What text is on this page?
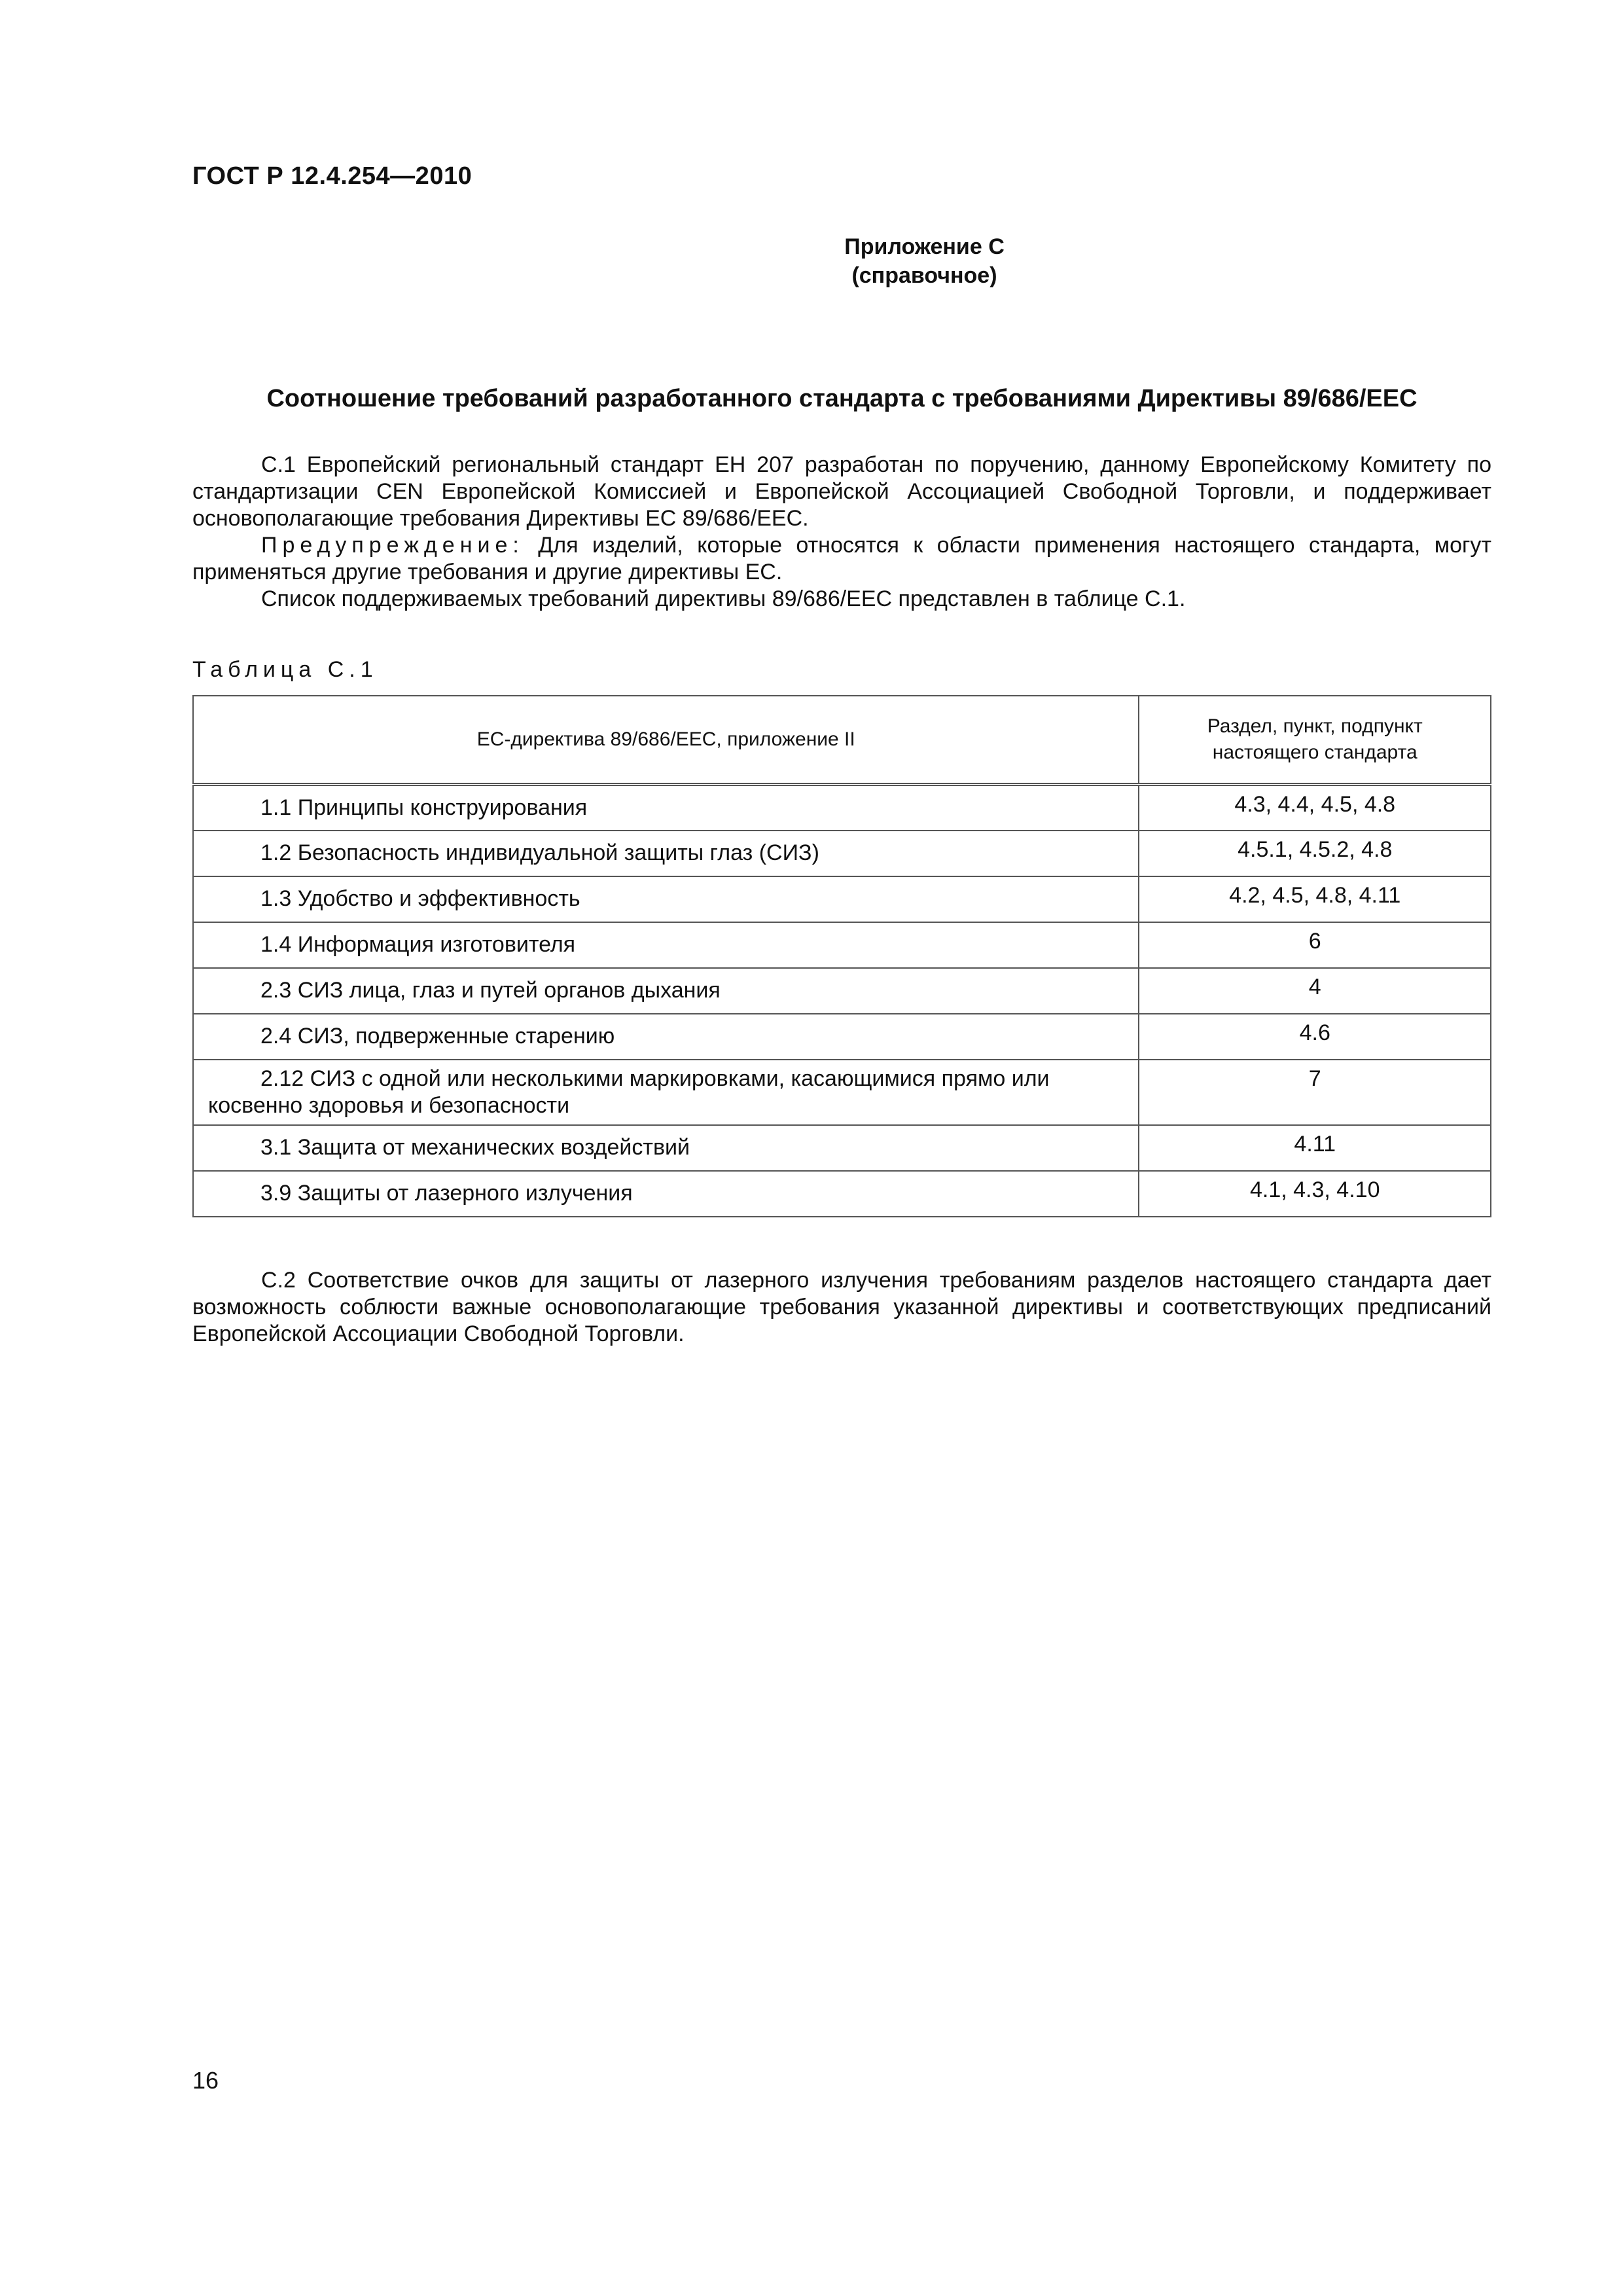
ГОСТ Р 12.4.254—2010
Приложение С
(справочное)
Соотношение требований разработанного стандарта с требованиями Директивы 89/686/EEC

С.1 Европейский региональный стандарт ЕН 207 разработан по поручению, данному Европейскому Комитету по стандартизации CEN Европейской Комиссией и Европейской Ассоциацией Свободной Торговли, и поддерживает основополагающие требования Директивы ЕС 89/686/EEC.

Предупреждение: Для изделий, которые относятся к области применения настоящего стандарта, могут применяться другие требования и другие директивы ЕС.

Список поддерживаемых требований директивы 89/686/EEC представлен в таблице С.1.

Таблица С.1
ЕС-директива 89/686/EEC, приложение II	Раздел, пункт, подпункт
настоящего стандарта

1.1 Принципы конструирования	4.3, 4.4, 4.5, 4.8
1.2 Безопасность индивидуальной защиты глаз (СИЗ)	4.5.1, 4.5.2, 4.8
1.3 Удобство и эффективность	4.2, 4.5, 4.8, 4.11
1.4 Информация изготовителя	6
2.3 СИЗ лица, глаз и путей органов дыхания	4
2.4 СИЗ, подверженные старению	4.6
2.12 СИЗ с одной или несколькими маркировками, касающимися прямо или косвенно здоровья и безопасности	7
3.1 Защита от механических воздействий	4.11
3.9 Защиты от лазерного излучения	4.1, 4.3, 4.10

С.2 Соответствие очков для защиты от лазерного излучения требованиям разделов настоящего стандарта дает возможность соблюсти важные основополагающие требования указанной директивы и соответствующих предписаний Европейской Ассоциации Свободной Торговли.

16
